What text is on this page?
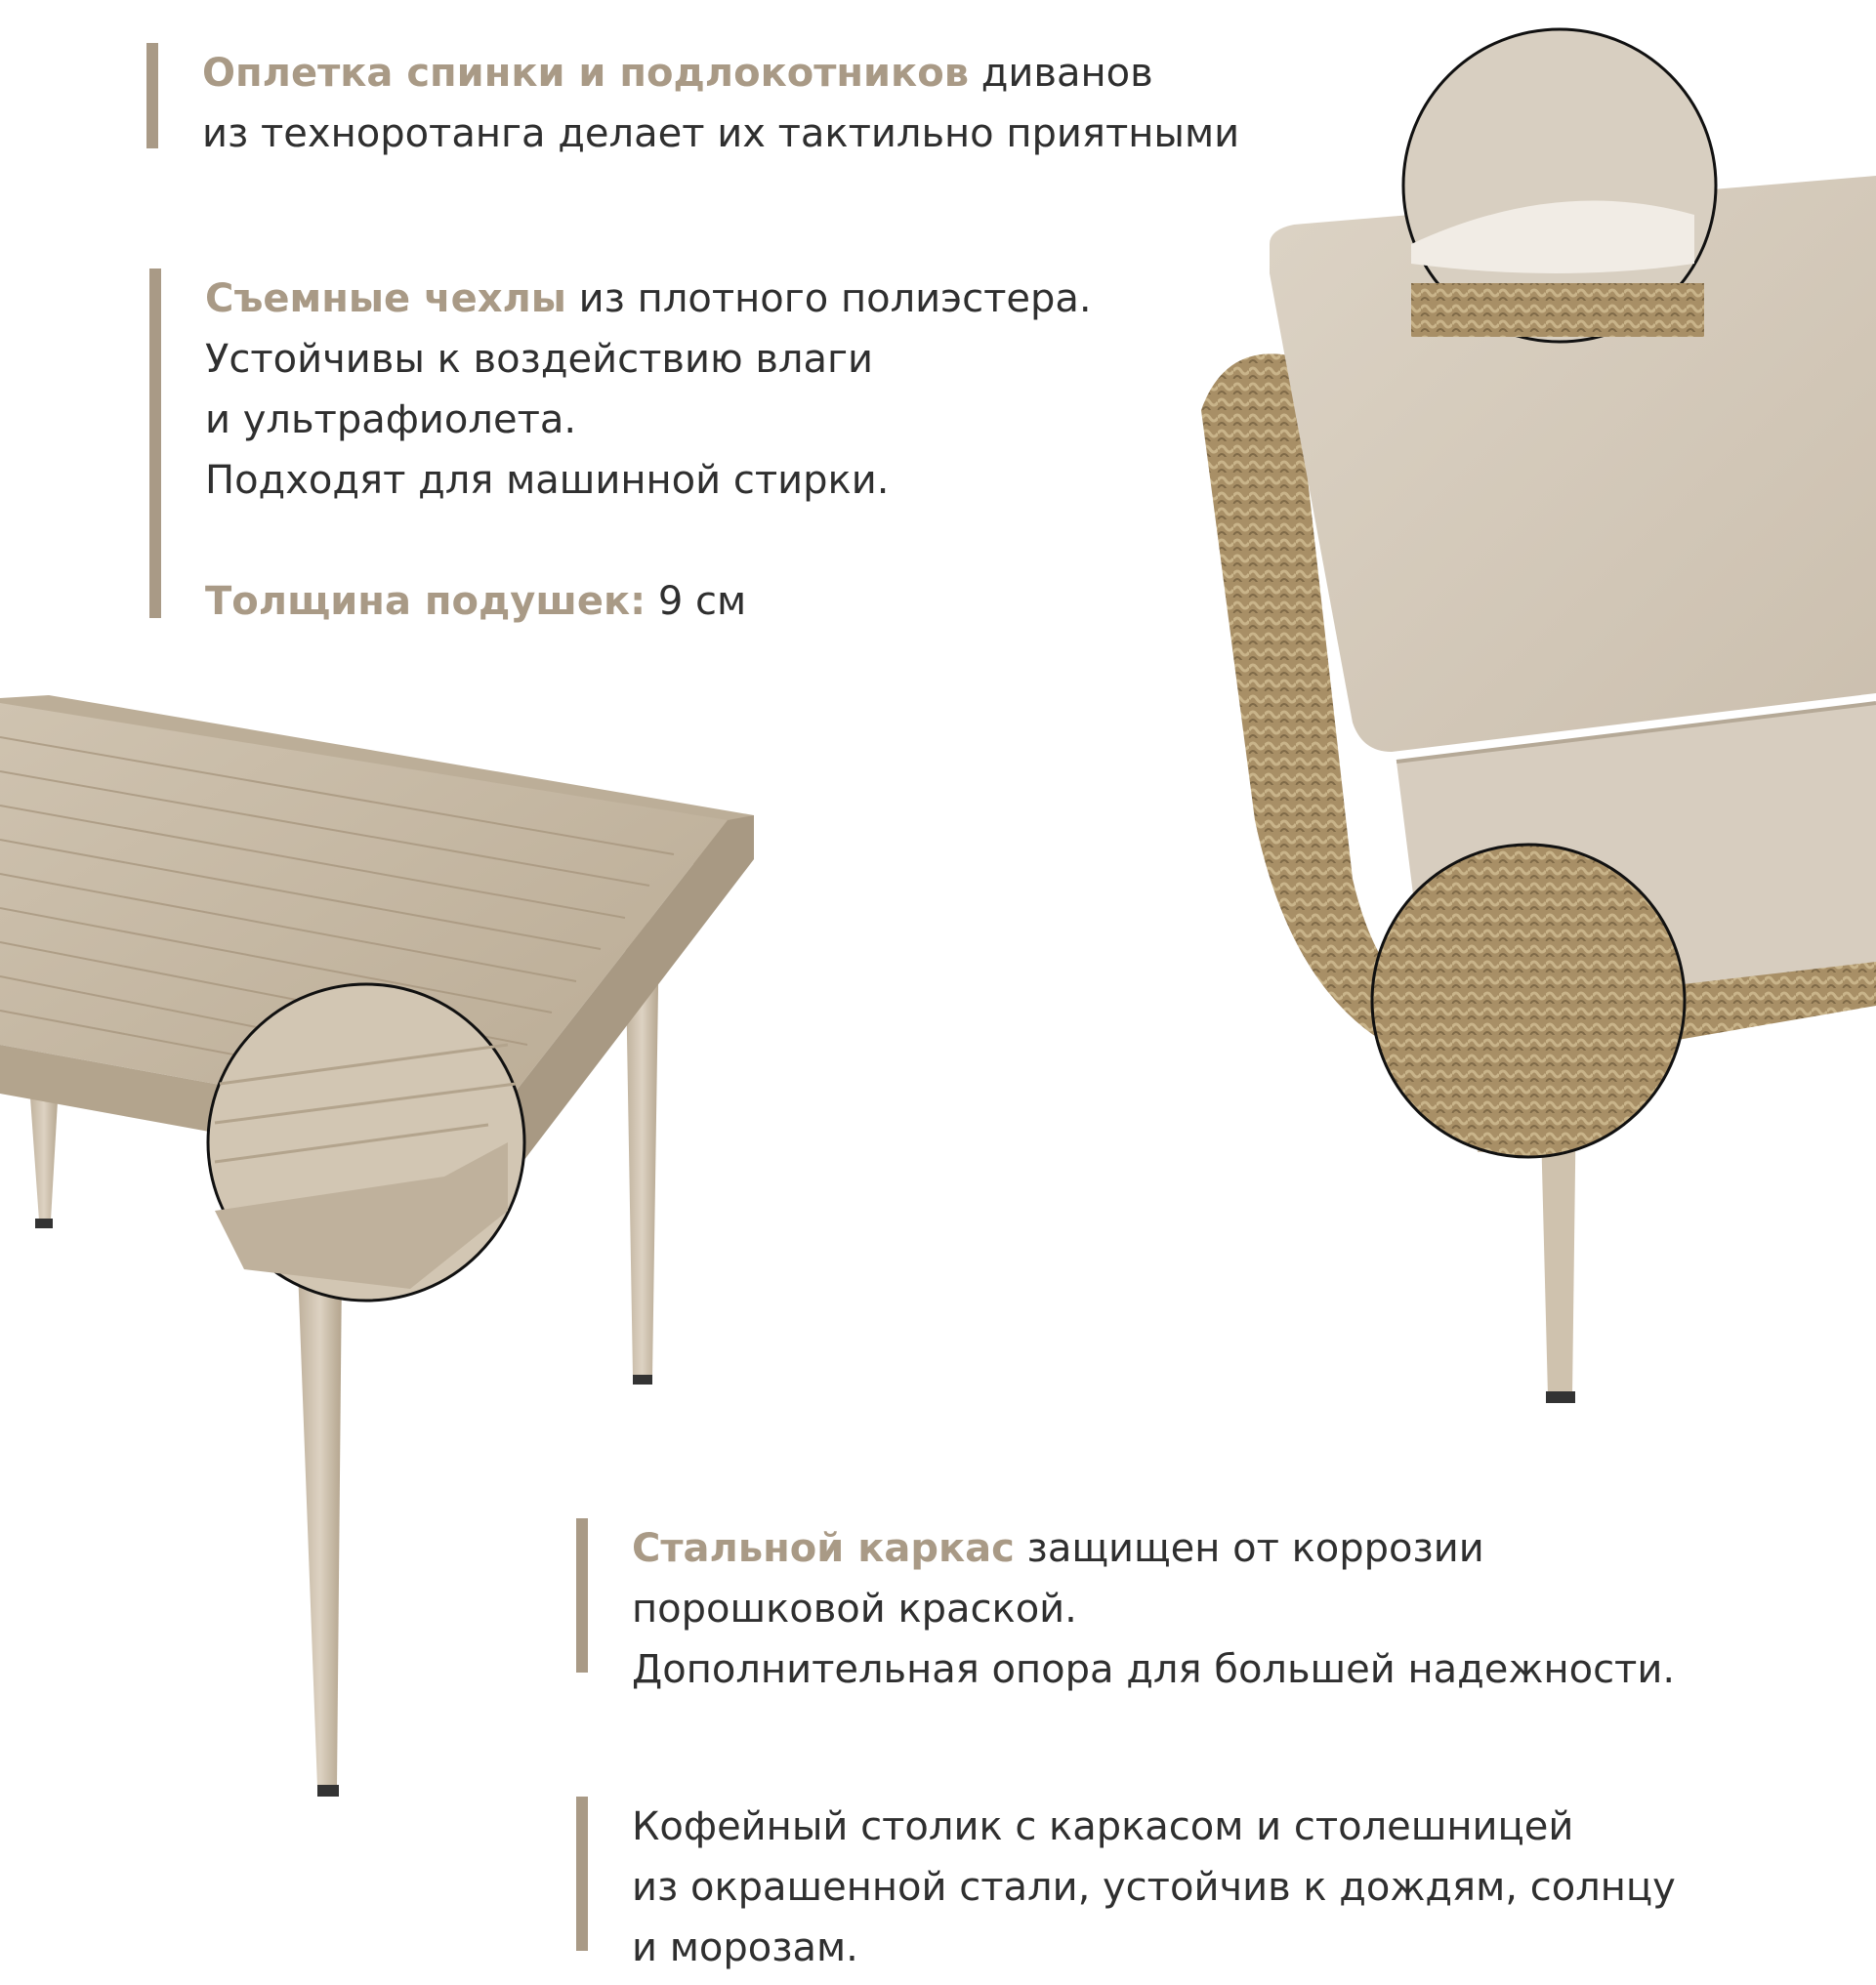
Оплетка спинки и подлокотников диванов

из техноротанга делает их тактильно приятными

Съемные чехлы из плотного полиэстера.

Устойчивы к воздействию влаги

и ультрафиолета.

Подходят для машинной стирки.

Толщина подушек: 9 см

Стальной каркас защищен от коррозии

порошковой краской.

Дополнительная опора для большей надежности.

Кофейный столик с каркасом и столешницей

из окрашенной стали, устойчив к дождям, солнцу

и морозам.
